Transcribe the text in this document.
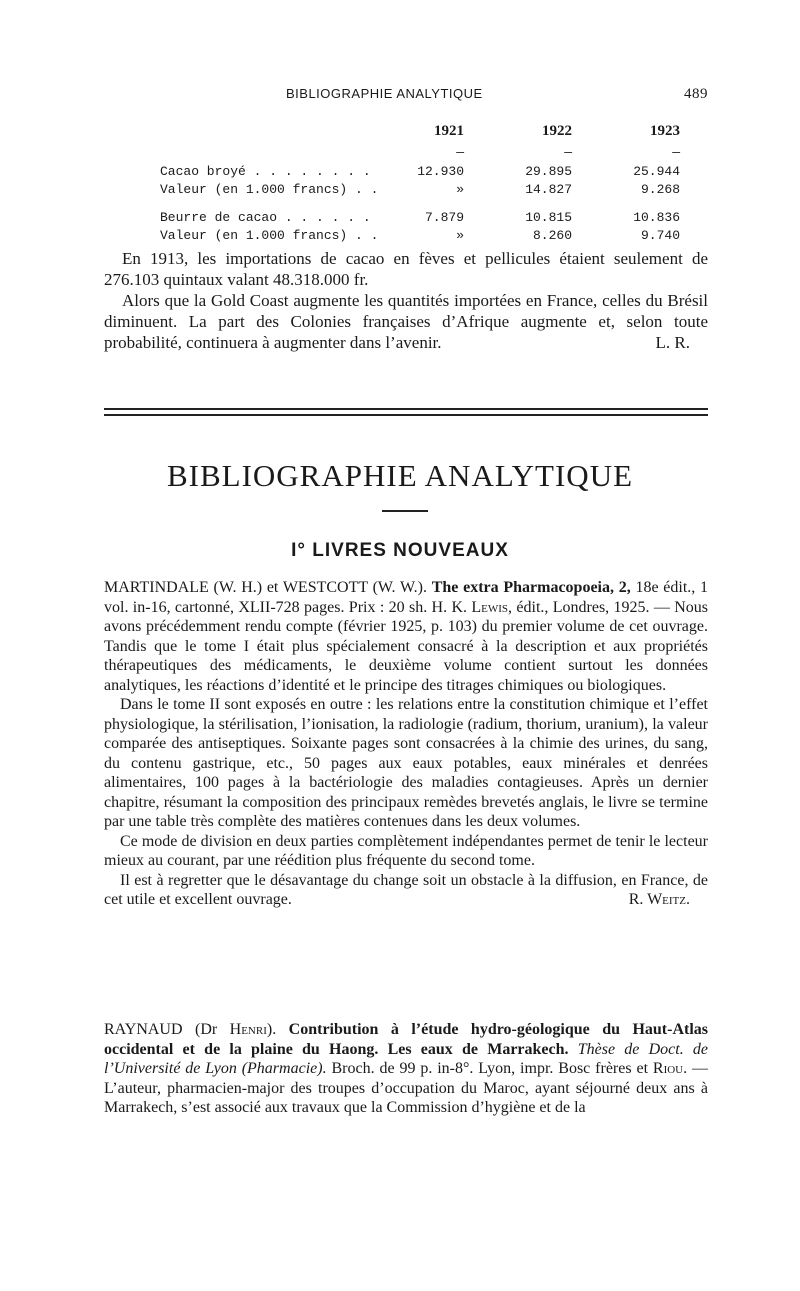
BIBLIOGRAPHIE ANALYTIQUE	489
	1921	1922	1923
	—	—	—
Cacao broyé . . . . . . . .	12.930	29.895	25.944
Valeur (en 1.000 francs) . .	»	14.827	9.268

Beurre de cacao . . . . . .	7.879	10.815	10.836
Valeur (en 1.000 francs) . .	»	8.260	9.740

En 1913, les importations de cacao en fèves et pellicules étaient seulement de 276.103 quintaux valant 48.318.000 fr.

Alors que la Gold Coast augmente les quantités importées en France, celles du Brésil diminuent. La part des Colonies françaises d’Afrique augmente et, selon toute probabilité, continuera à augmenter dans l’avenir.	L. R.

BIBLIOGRAPHIE ANALYTIQUE
I° LIVRES NOUVEAUX

MARTINDALE (W. H.) et WESTCOTT (W. W.). The extra Pharmacopoeia, 2, 18e édit., 1 vol. in-16, cartonné, XLII-728 pages. Prix : 20 sh. H. K. Lewis, édit., Londres, 1925. — Nous avons précédemment rendu compte (février 1925, p. 103) du premier volume de cet ouvrage. Tandis que le tome I était plus spécialement consacré à la description et aux propriétés thérapeutiques des médicaments, le deuxième volume contient surtout les données analytiques, les réactions d’identité et le principe des titrages chimiques ou biologiques.

Dans le tome II sont exposés en outre : les relations entre la constitution chimique et l’effet physiologique, la stérilisation, l’ionisation, la radiologie (radium, thorium, uranium), la valeur comparée des antiseptiques. Soixante pages sont consacrées à la chimie des urines, du sang, du contenu gastrique, etc., 50 pages aux eaux potables, eaux minérales et denrées alimentaires, 100 pages à la bactériologie des maladies contagieuses. Après un dernier chapitre, résumant la composition des principaux remèdes brevetés anglais, le livre se termine par une table très complète des matières contenues dans les deux volumes.

Ce mode de division en deux parties complètement indépendantes permet de tenir le lecteur mieux au courant, par une réédition plus fréquente du second tome.

Il est à regretter que le désavantage du change soit un obstacle à la diffusion, en France, de cet utile et excellent ouvrage.	R. Weitz.

RAYNAUD (Dr Henri). Contribution à l’étude hydro-géologique du Haut-Atlas occidental et de la plaine du Haong. Les eaux de Marrakech. Thèse de Doct. de l’Université de Lyon (Pharmacie). Broch. de 99 p. in-8°. Lyon, impr. Bosc frères et Riou. — L’auteur, pharmacien-major des troupes d’occupation du Maroc, ayant séjourné deux ans à Marrakech, s’est associé aux travaux que la Commission d’hygiène et de la
